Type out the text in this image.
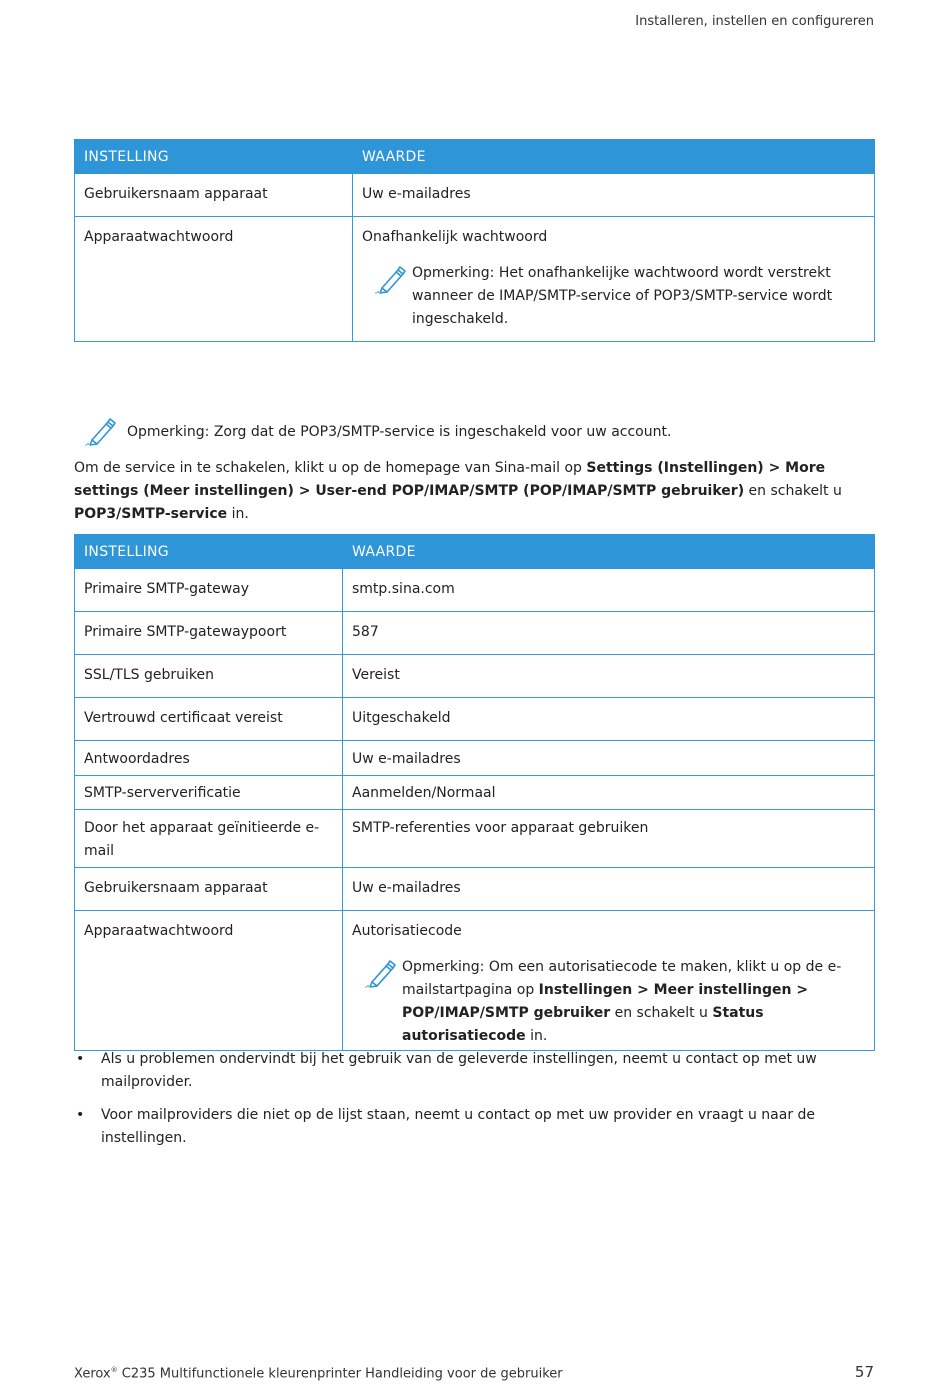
Installeren, instellen en configureren
INSTELLING	WAARDE
Gebruikersnaam apparaat	Uw e-mailadres
Apparaatwachtwoord	Onafhankelijk wachtwoord
Opmerking: Het onafhankelijke wachtwoord wordt verstrekt wanneer de IMAP/SMTP-service of POP3/SMTP-service wordt ingeschakeld.
Opmerking: Zorg dat de POP3/SMTP-service is ingeschakeld voor uw account.
Om de service in te schakelen, klikt u op de homepage van Sina-mail op Settings (Instellingen) > More settings (Meer instellingen) > User-end POP/IMAP/SMTP (POP/IMAP/SMTP gebruiker) en schakelt u POP3/SMTP-service in.
INSTELLING	WAARDE
Primaire SMTP-gateway	smtp.sina.com
Primaire SMTP-gatewaypoort	587
SSL/TLS gebruiken	Vereist
Vertrouwd certificaat vereist	Uitgeschakeld
Antwoordadres	Uw e-mailadres
SMTP-serververificatie	Aanmelden/Normaal
Door het apparaat geïnitieerde e-mail	SMTP-referenties voor apparaat gebruiken
Gebruikersnaam apparaat	Uw e-mailadres
Apparaatwachtwoord	Autorisatiecode
Opmerking: Om een autorisatiecode te maken, klikt u op de e-mailstartpagina op Instellingen > Meer instellingen > POP/IMAP/SMTP gebruiker en schakelt u Status autorisatiecode in.
• Als u problemen ondervindt bij het gebruik van de geleverde instellingen, neemt u contact op met uw mailprovider.
• Voor mailproviders die niet op de lijst staan, neemt u contact op met uw provider en vraagt u naar de instellingen.
Xerox® C235 Multifunctionele kleurenprinter Handleiding voor de gebruiker	57
